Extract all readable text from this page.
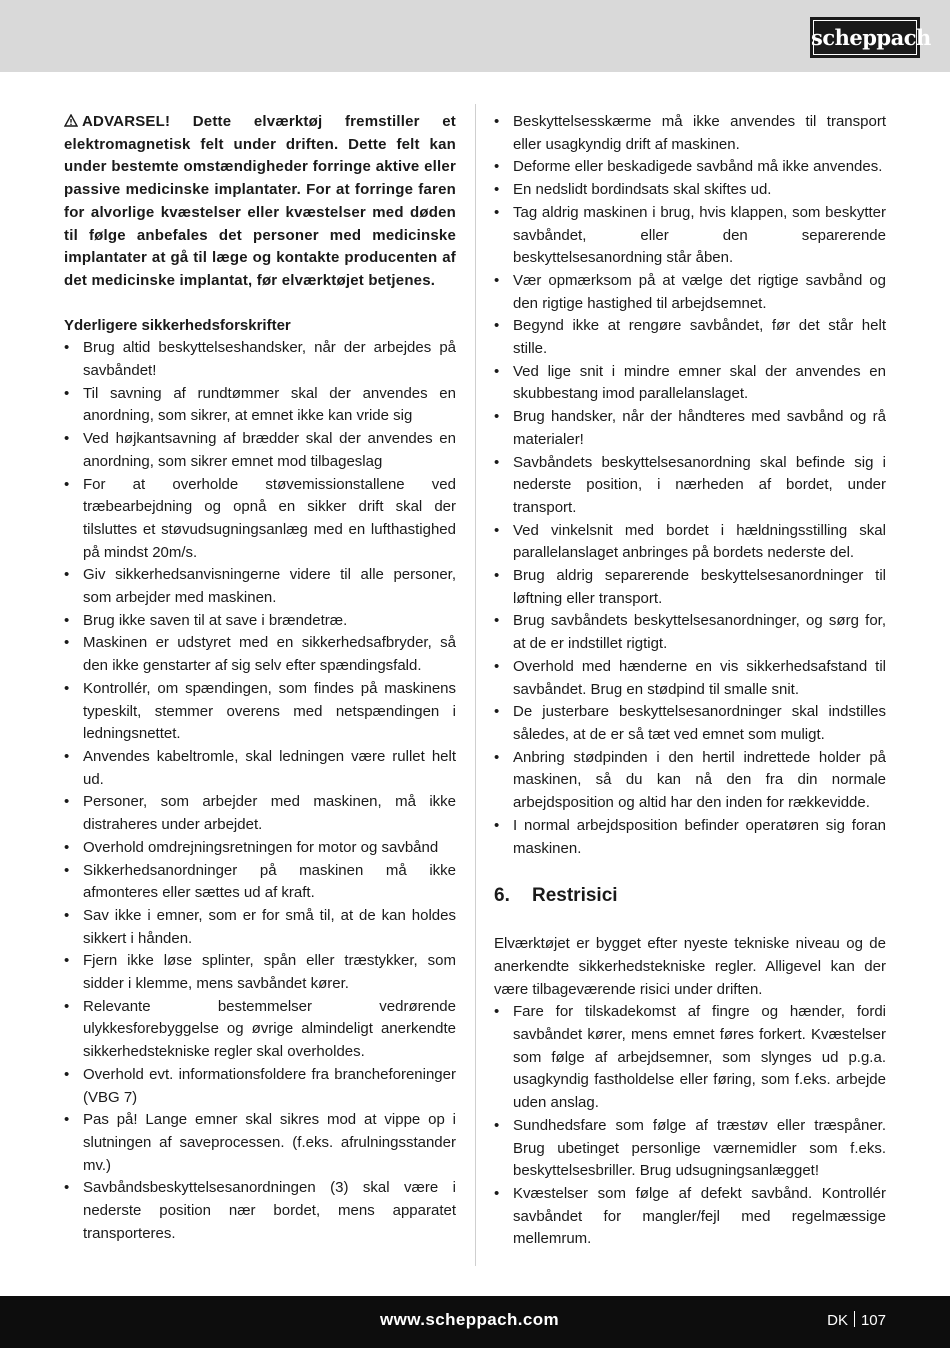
scheppach

ADVARSEL! Dette elværktøj fremstiller et elektromagnetisk felt under driften. Dette felt kan under bestemte omstændigheder forringe aktive eller passive medicinske implantater. For at forringe faren for alvorlige kvæstelser eller kvæstelser med døden til følge anbefales det personer med medicinske implantater at gå til læge og kontakte producenten af det medicinske implantat, før elværktøjet betjenes.

Yderligere sikkerhedsforskrifter
• Brug altid beskyttelseshandsker, når der arbejdes på savbåndet!
• Til savning af rundtømmer skal der anvendes en anordning, som sikrer, at emnet ikke kan vride sig
• Ved højkantsavning af brædder skal der anvendes en anordning, som sikrer emnet mod tilbageslag
• For at overholde støvemissionstallene ved træbearbejdning og opnå en sikker drift skal der tilsluttes et støvudsugningsanlæg med en lufthastighed på mindst 20m/s.
• Giv sikkerhedsanvisningerne videre til alle personer, som arbejder med maskinen.
• Brug ikke saven til at save i brændetræ.
• Maskinen er udstyret med en sikkerhedsafbryder, så den ikke genstarter af sig selv efter spændingsfald.
• Kontrollér, om spændingen, som findes på maskinens typeskilt, stemmer overens med netspændingen i ledningsnettet.
• Anvendes kabeltromle, skal ledningen være rullet helt ud.
• Personer, som arbejder med maskinen, må ikke distraheres under arbejdet.
• Overhold omdrejningsretningen for motor og savbånd
• Sikkerhedsanordninger på maskinen må ikke afmonteres eller sættes ud af kraft.
• Sav ikke i emner, som er for små til, at de kan holdes sikkert i hånden.
• Fjern ikke løse splinter, spån eller træstykker, som sidder i klemme, mens savbåndet kører.
• Relevante bestemmelser vedrørende ulykkesforebyggelse og øvrige almindeligt anerkendte sikkerhedstekniske regler skal overholdes.
• Overhold evt. informationsfoldere fra brancheforeninger (VBG 7)
• Pas på! Lange emner skal sikres mod at vippe op i slutningen af saveprocessen. (f.eks. afrulningsstander mv.)
• Savbåndsbeskyttelsesanordningen (3) skal være i nederste position nær bordet, mens apparatet transporteres.
• Beskyttelsesskærme må ikke anvendes til transport eller usagkyndig drift af maskinen.
• Deforme eller beskadigede savbånd må ikke anvendes.
• En nedslidt bordindsats skal skiftes ud.
• Tag aldrig maskinen i brug, hvis klappen, som beskytter savbåndet, eller den separerende beskyttelsesanordning står åben.
• Vær opmærksom på at vælge det rigtige savbånd og den rigtige hastighed til arbejdsemnet.
• Begynd ikke at rengøre savbåndet, før det står helt stille.
• Ved lige snit i mindre emner skal der anvendes en skubbestang imod parallelanslaget.
• Brug handsker, når der håndteres med savbånd og rå materialer!
• Savbåndets beskyttelsesanordning skal befinde sig i nederste position, i nærheden af bordet, under transport.
• Ved vinkelsnit med bordet i hældningsstilling skal parallelanslaget anbringes på bordets nederste del.
• Brug aldrig separerende beskyttelsesanordninger til løftning eller transport.
• Brug savbåndets beskyttelsesanordninger, og sørg for, at de er indstillet rigtigt.
• Overhold med hænderne en vis sikkerhedsafstand til savbåndet. Brug en stødpind til smalle snit.
• De justerbare beskyttelsesanordninger skal indstilles således, at de er så tæt ved emnet som muligt.
• Anbring stødpinden i den hertil indrettede holder på maskinen, så du kan nå den fra din normale arbejdsposition og altid har den inden for rækkevidde.
• I normal arbejdsposition befinder operatøren sig foran maskinen.
6. Restrisici

Elværktøjet er bygget efter nyeste tekniske niveau og de anerkendte sikkerhedstekniske regler. Alligevel kan der være tilbageværende risici under driften.

• Fare for tilskadekomst af fingre og hænder, fordi savbåndet kører, mens emnet føres forkert. Kvæstelser som følge af arbejdsemner, som slynges ud p.g.a. usagkyndig fastholdelse eller føring, som f.eks. arbejde uden anslag.
• Sundhedsfare som følge af træstøv eller træspåner. Brug ubetinget personlige værnemidler som f.eks. beskyttelsesbriller. Brug udsugningsanlægget!
• Kvæstelser som følge af defekt savbånd. Kontrollér savbåndet for mangler/fejl med regelmæssige mellemrum.
www.scheppach.com	DK 107
